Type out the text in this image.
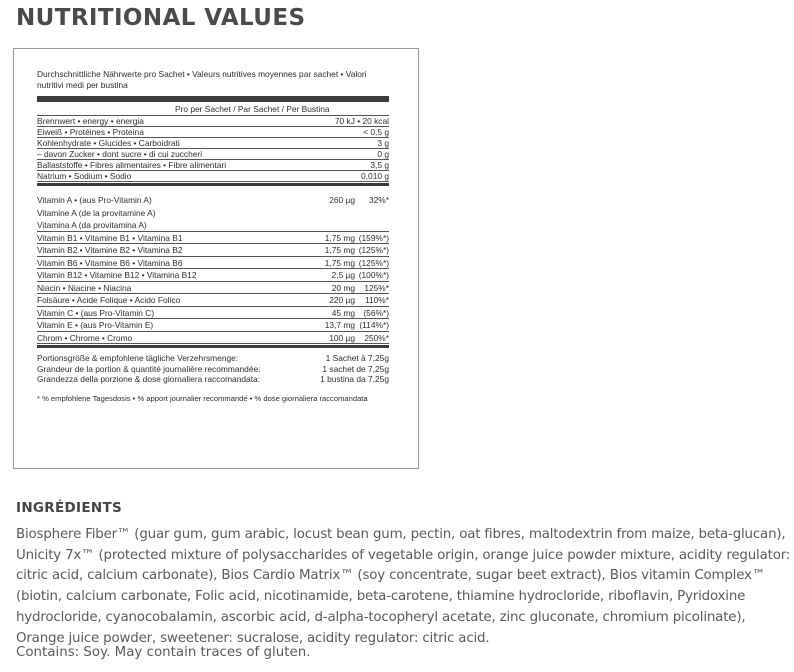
NUTRITIONAL VALUES
Durchschnittliche Nährwerte pro Sachet • Valeurs nutritives moyennes par sachet • Valori nutritivi medi per bustina
Pro per Sachet / Par Sachet / Per Bustina
Brennwert • energy • energia	70 kJ • 20 kcal
Eiweiß • Protéines • Proteina	< 0,5 g
Kohlenhydrate • Glucides • Carboidrati	3 g
– davon Zucker • dont sucre • di cui zuccheri	0 g
Ballaststoffe • Fibres alimentaires • Fibre alimentari	3,5 g
Natrium • Sodium • Sodio	0,010 g
Vitamin A • (aus Pro-Vitamin A)	260 µg 32%*
Vitamine A (de la provitamine A)
Vitamina A (da provitamina A)
Vitamin B1 • Vitamine B1 • Vitamina B1	1,75 mg (159%*)
Vitamin B2 • Vitamine B2 • Vitamina B2	1,75 mg (125%*)
Vitamin B6 • Vitamine B6 • Vitamina B6	1,75 mg (125%*)
Vitamin B12 • Vitamine B12 • Vitamina B12	2,5 µg (100%*)
Niacin • Niacine • Niacina	20 mg 125%*
Folsäure • Acide Folique • Acido Folico	220 µg 110%*
Vitamin C • (aus Pro-Vitamin C)	45 mg (56%*)
Vitamin E • (aus Pro-Vitamin E)	13,7 mg (114%*)
Chrom • Chrome • Cromo	100 µg 250%*
Portionsgröße & empfohlene tägliche Verzehrsmenge:	1 Sachet à 7,25g
Grandeur de la portion & quantité journalière recommandée:	1 sachet de 7,25g
Grandezza della porzione & dose giornaliera raccomandata:	1 bustina da 7,25g
* % empfohlene Tagesdosis • % apport journalier recommandé • % dose giornaliera raccomandata
INGRÉDIENTS
Biosphere Fiber™ (guar gum, gum arabic, locust bean gum, pectin, oat fibres, maltodextrin from maize, beta-glucan), Unicity 7x™ (protected mixture of polysaccharides of vegetable origin, orange juice powder mixture, acidity regulator: citric acid, calcium carbonate), Bios Cardio Matrix™ (soy concentrate, sugar beet extract), Bios vitamin Complex™ (biotin, calcium carbonate, Folic acid, nicotinamide, beta-carotene, thiamine hydrocloride, riboflavin, Pyridoxine hydrocloride, cyanocobalamin, ascorbic acid, d-alpha-tocopheryl acetate, zinc gluconate, chromium picolinate), Orange juice powder, sweetener: sucralose, acidity regulator: citric acid.
Contains: Soy. May contain traces of gluten.
